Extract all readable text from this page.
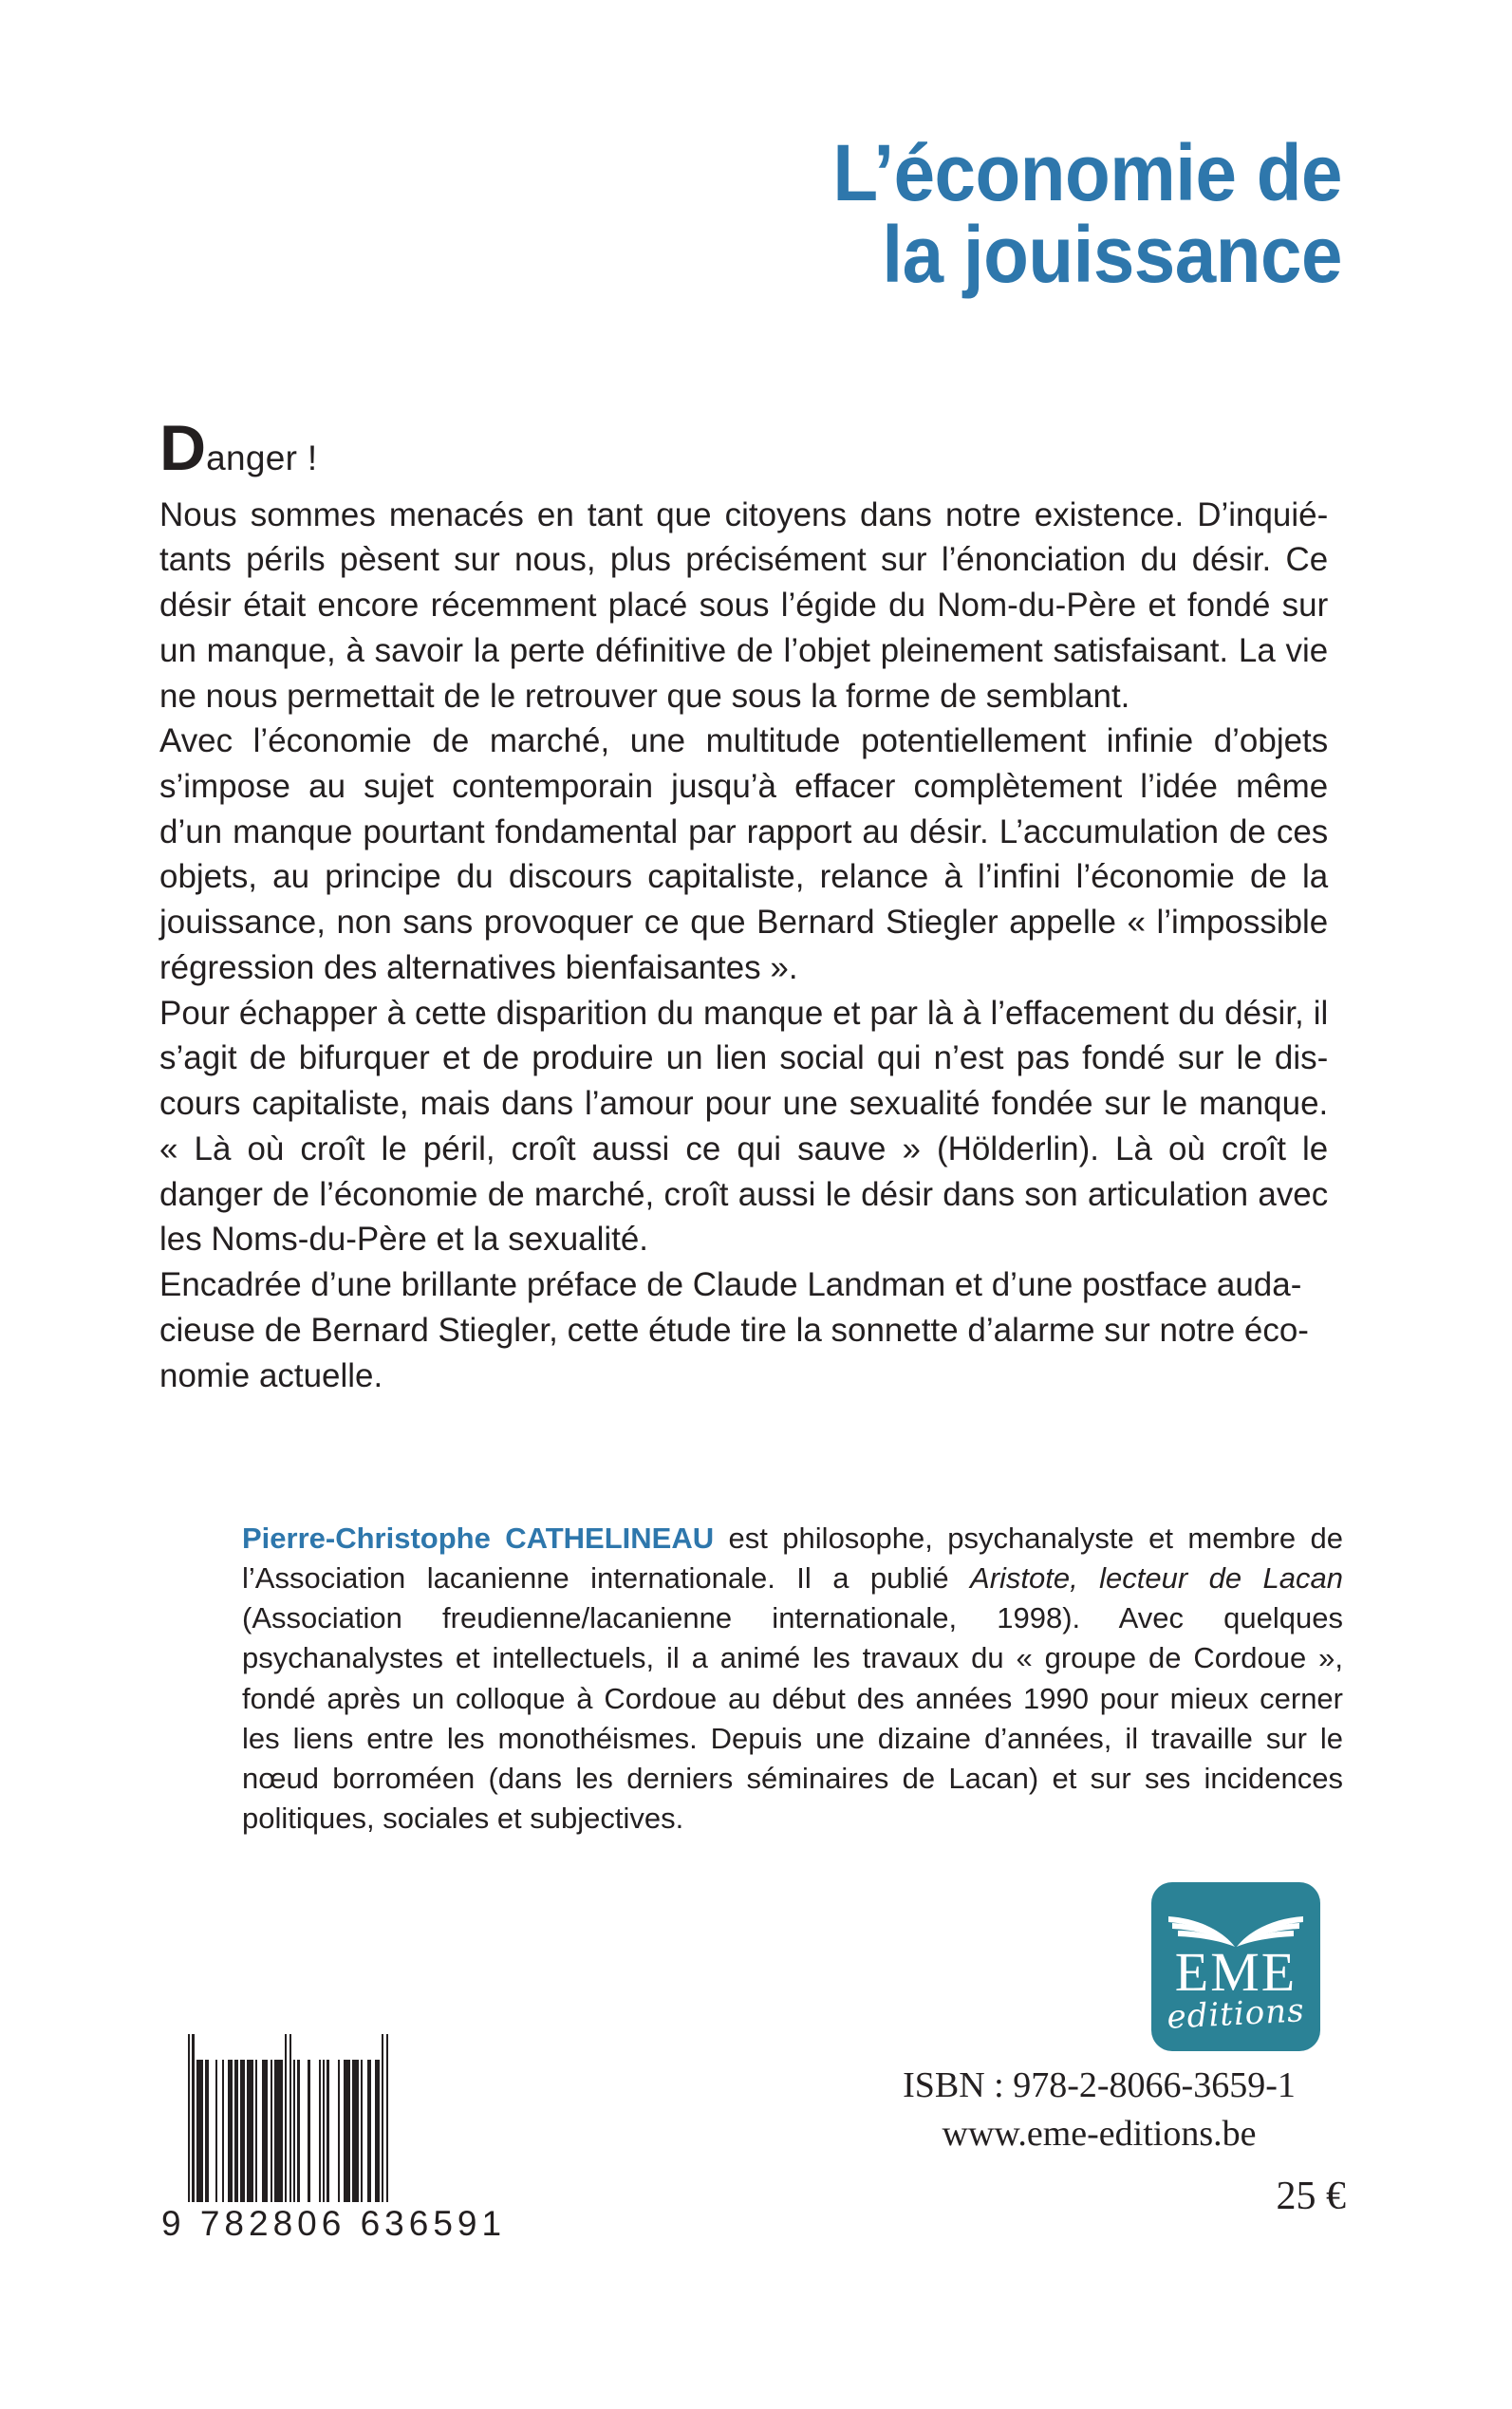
L’économie de
la jouissance
Danger !

Nous sommes menacés en tant que citoyens dans notre existence. D’inquié-tants périls pèsent sur nous, plus précisément sur l’énonciation du désir. Ce désir était encore récemment placé sous l’égide du Nom-du-Père et fondé sur un manque, à savoir la perte définitive de l’objet pleinement satisfaisant. La vie ne nous permettait de le retrouver que sous la forme de semblant.

Avec l’économie de marché, une multitude potentiellement infinie d’objets s’impose au sujet contemporain jusqu’à effacer complètement l’idée même d’un manque pourtant fondamental par rapport au désir. L’accumulation de ces objets, au principe du discours capitaliste, relance à l’infini l’économie de la jouissance, non sans provoquer ce que Bernard Stiegler appelle « l’impossible régression des alternatives bienfaisantes ».

Pour échapper à cette disparition du manque et par là à l’effacement du désir, il s’agit de bifurquer et de produire un lien social qui n’est pas fondé sur le dis-cours capitaliste, mais dans l’amour pour une sexualité fondée sur le manque. « Là où croît le péril, croît aussi ce qui sauve » (Hölderlin). Là où croît le danger de l’économie de marché, croît aussi le désir dans son articulation avec les Noms-du-Père et la sexualité.

Encadrée d’une brillante préface de Claude Landman et d’une postface auda-cieuse de Bernard Stiegler, cette étude tire la sonnette d’alarme sur notre éco-nomie actuelle.

Pierre-Christophe CATHELINEAU est philosophe, psychanalyste et membre de l’Association lacanienne internationale. Il a publié Aristote, lecteur de Lacan (Association freudienne/lacanienne internationale, 1998). Avec quelques psychanalystes et intellectuels, il a animé les travaux du « groupe de Cordoue », fondé après un colloque à Cordoue au début des années 1990 pour mieux cerner les liens entre les monothéismes. Depuis une dizaine d’années, il travaille sur le nœud borroméen (dans les derniers séminaires de Lacan) et sur ses incidences politiques, sociales et subjectives.

EME
editions
9 782806 636591
ISBN : 978-2-8066-3659-1
www.eme-editions.be
25 €
